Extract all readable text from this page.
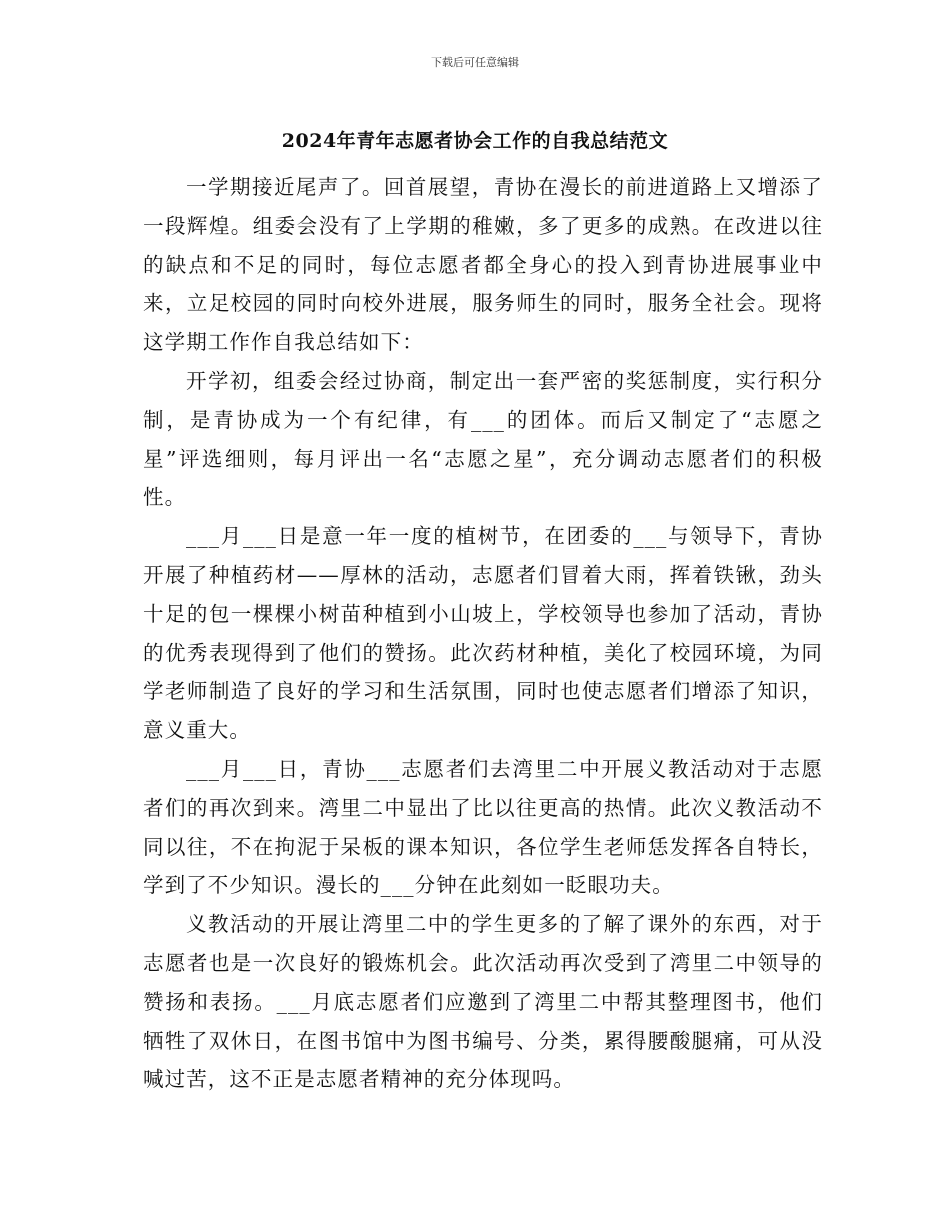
下载后可任意编辑
2024年青年志愿者协会工作的自我总结范文

一学期接近尾声了。回首展望，青协在漫长的前进道路上又增添了一段辉煌。组委会没有了上学期的稚嫩，多了更多的成熟。在改进以往的缺点和不足的同时，每位志愿者都全身心的投入到青协进展事业中来，立足校园的同时向校外进展，服务师生的同时，服务全社会。现将这学期工作作自我总结如下：

开学初，组委会经过协商，制定出一套严密的奖惩制度，实行积分制，是青协成为一个有纪律，有___的团体。而后又制定了“志愿之星”评选细则，每月评出一名“志愿之星”，充分调动志愿者们的积极性。

___月___日是意一年一度的植树节，在团委的___与领导下，青协开展了种植药材——厚林的活动，志愿者们冒着大雨，挥着铁锹，劲头十足的包一棵棵小树苗种植到小山坡上，学校领导也参加了活动，青协的优秀表现得到了他们的赞扬。此次药材种植，美化了校园环境，为同学老师制造了良好的学习和生活氛围，同时也使志愿者们增添了知识，意义重大。

___月___日，青协___志愿者们去湾里二中开展义教活动对于志愿者们的再次到来。湾里二中显出了比以往更高的热情。此次义教活动不同以往，不在拘泥于呆板的课本知识，各位学生老师恁发挥各自特长，学到了不少知识。漫长的___分钟在此刻如一眨眼功夫。

义教活动的开展让湾里二中的学生更多的了解了课外的东西，对于志愿者也是一次良好的锻炼机会。此次活动再次受到了湾里二中领导的赞扬和表扬。___月底志愿者们应邀到了湾里二中帮其整理图书，他们牺牲了双休日，在图书馆中为图书编号、分类，累得腰酸腿痛，可从没喊过苦，这不正是志愿者精神的充分体现吗。
